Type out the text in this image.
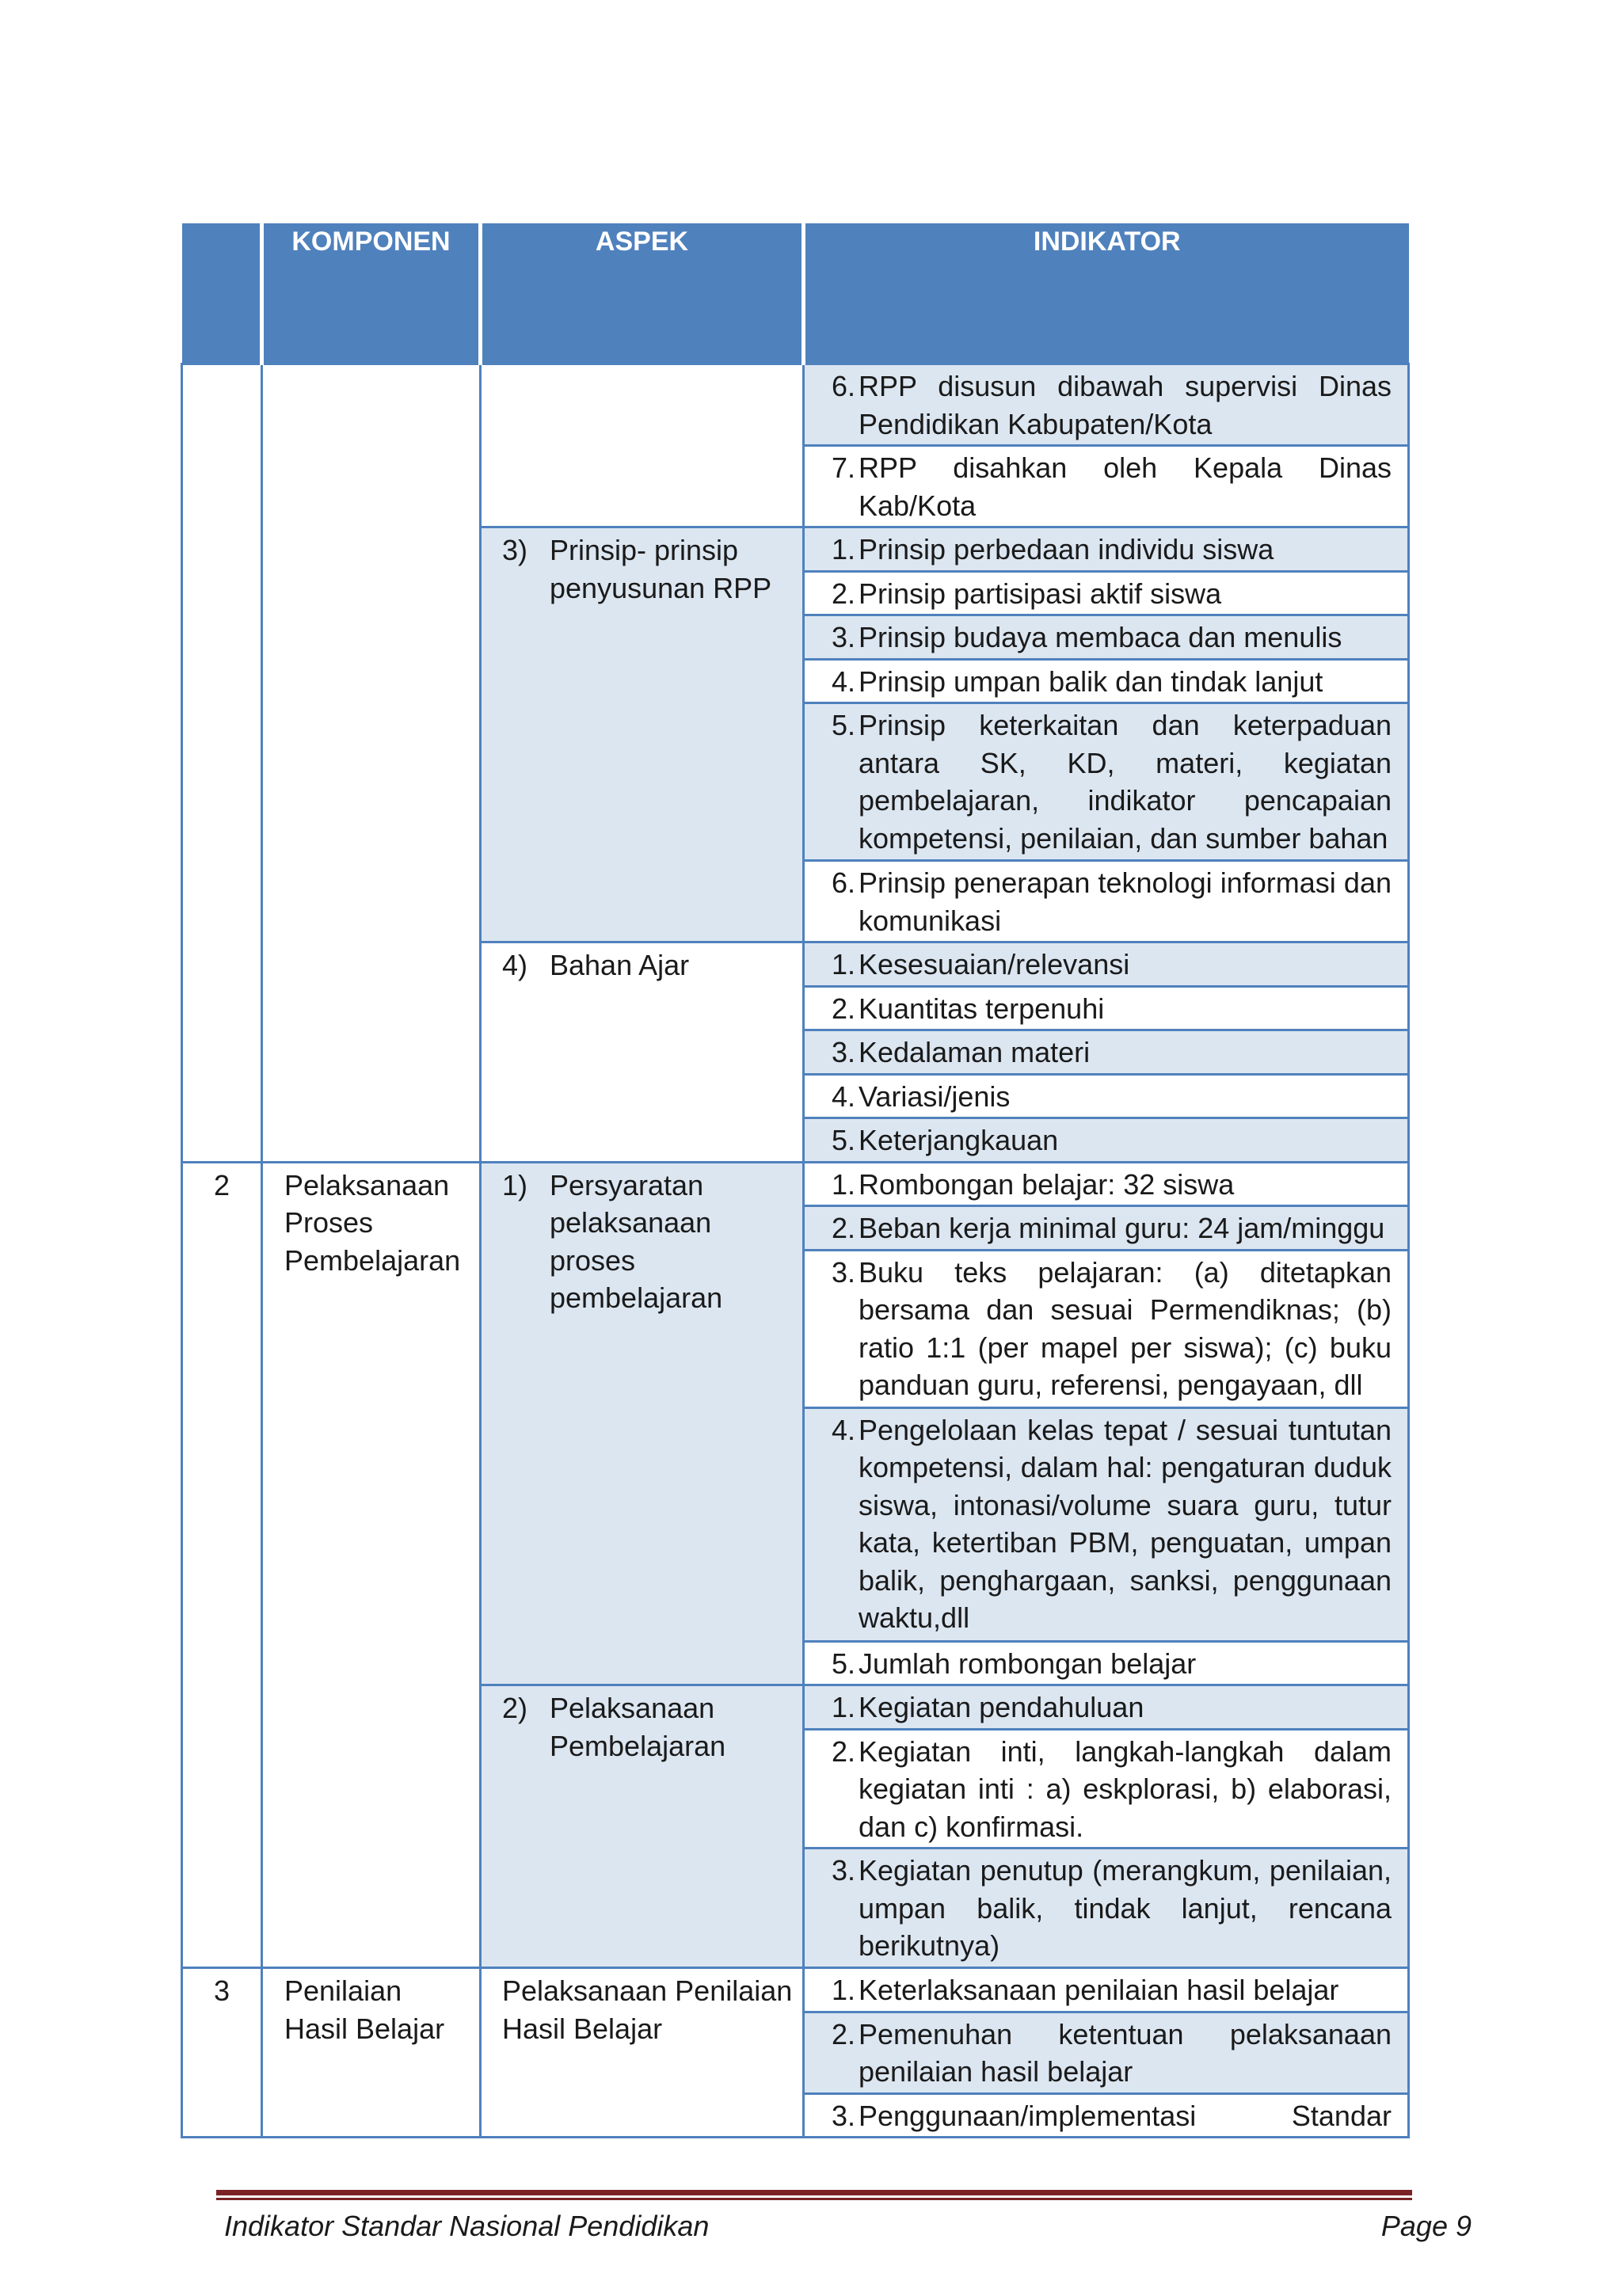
	KOMPONEN	ASPEK	INDIKATOR

			6. RPP disusun dibawah supervisi Dinas Pendidikan Kabupaten/Kota

			7. RPP disahkan oleh Kepala Dinas Kab/Kota

		3) Prinsip- prinsip penyusunan RPP	1. Prinsip perbedaan individu siswa

			2. Prinsip partisipasi aktif siswa

			3. Prinsip budaya membaca dan menulis

			4. Prinsip umpan balik dan tindak lanjut

			5. Prinsip keterkaitan dan keterpaduan antara SK, KD, materi, kegiatan pembelajaran, indikator pencapaian kompetensi, penilaian, dan sumber bahan

			6. Prinsip penerapan teknologi informasi dan komunikasi

		4) Bahan Ajar	1. Kesesuaian/relevansi

			2. Kuantitas terpenuhi

			3. Kedalaman materi

			4. Variasi/jenis

			5. Keterjangkauan

2	Pelaksanaan Proses Pembelajaran	1) Persyaratan pelaksanaan proses pembelajaran	1. Rombongan belajar: 32 siswa

			2. Beban kerja minimal guru: 24 jam/minggu

			3. Buku teks pelajaran: (a) ditetapkan bersama dan sesuai Permendiknas; (b) ratio 1:1 (per mapel per siswa); (c) buku panduan guru, referensi, pengayaan, dll

			4. Pengelolaan kelas tepat / sesuai tuntutan kompetensi, dalam hal: pengaturan duduk siswa, intonasi/volume suara guru, tutur kata, ketertiban PBM, penguatan, umpan balik, penghargaan, sanksi, penggunaan waktu,dll

			5. Jumlah rombongan belajar

		2) Pelaksanaan Pembelajaran	1. Kegiatan pendahuluan

			2. Kegiatan inti, langkah-langkah dalam kegiatan inti : a) eskplorasi, b) elaborasi, dan c) konfirmasi.

			3. Kegiatan penutup (merangkum, penilaian, umpan balik, tindak lanjut, rencana berikutnya)

3	Penilaian Hasil Belajar	Pelaksanaan Penilaian Hasil Belajar	1. Keterlaksanaan penilaian hasil belajar

			2. Pemenuhan ketentuan pelaksanaan penilaian hasil belajar

			3. Penggunaan/implementasi Standar
Indikator Standar Nasional Pendidikan	Page 9
